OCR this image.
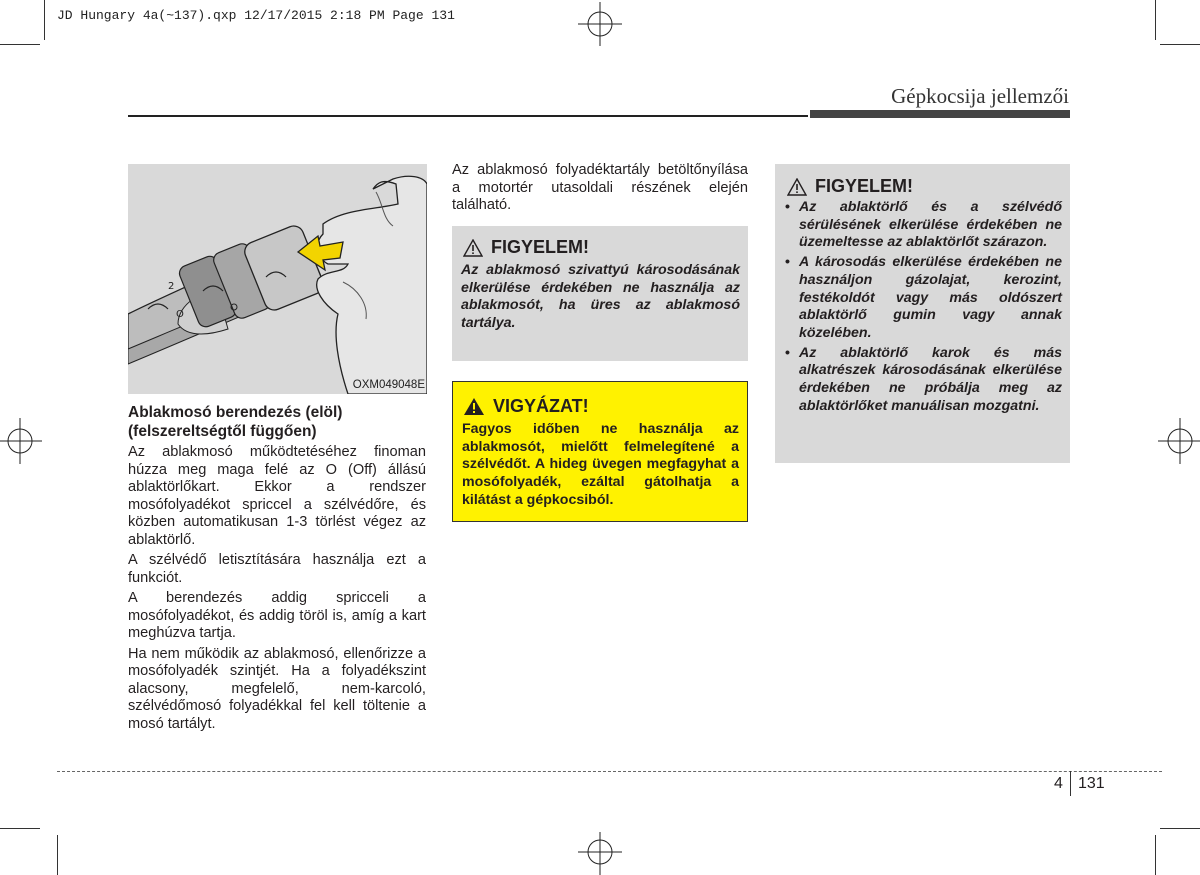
JD Hungary 4a(~137).qxp 12/17/2015 2:18 PM Page 131
Gépkocsija jellemzői
2
O
OXM049048E
Ablakmosó berendezés (elöl)
(felszereltségtől függően)

Az ablakmosó működtetéséhez finoman húzza meg maga felé az O (Off) állású ablaktörlőkart. Ekkor a rendszer mosófolyadékot spriccel a szélvédőre, és közben automatikusan 1-3 törlést végez az ablaktörlő.

A szélvédő letisztítására használja ezt a funkciót.

A berendezés addig spricceli a mosófolyadékot, és addig töröl is, amíg a kart meghúzva tartja.

Ha nem működik az ablakmosó, ellenőrizze a mosófolyadék szintjét. Ha a folyadékszint alacsony, megfelelő, nem-karcoló, szélvédőmosó folyadékkal fel kell töltenie a mosó tartályt.

Az ablakmosó folyadéktartály betöltőnyílása a motortér utasoldali részének elején található.

FIGYELEM!
Az ablakmosó szivattyú károsodásának elkerülése érdekében ne használja az ablakmosót, ha üres az ablakmosó tartálya.
VIGYÁZAT!
Fagyos időben ne használja az ablakmosót, mielőtt felmelegítené a szélvédőt. A hideg üvegen megfagyhat a mosófolyadék, ezáltal gátolhatja a kilátást a gépkocsiból.
FIGYELEM!
• Az ablaktörlő és a szélvédő sérülésének elkerülése érdekében ne üzemeltesse az ablaktörlőt szárazon.
• A károsodás elkerülése érdekében ne használjon gázolajat, kerozint, festékoldót vagy más oldószert ablaktörlő gumin vagy annak közelében.
• Az ablaktörlő karok és más alkatrészek károsodásának elkerülése érdekében ne próbálja meg az ablaktörlőket manuálisan mozgatni.
4 131
